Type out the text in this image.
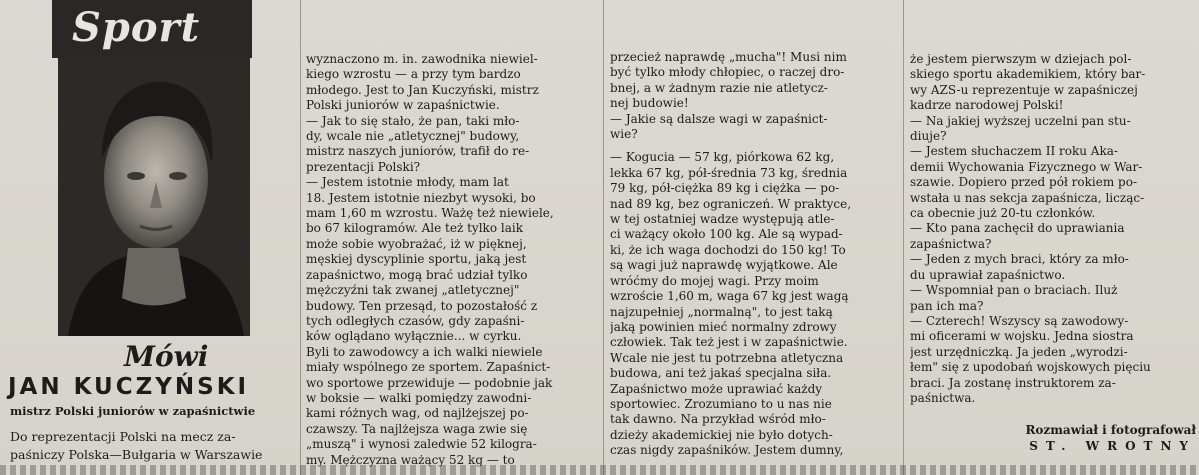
Sport
Mówi
JAN KUCZYŃSKI
mistrz Polski juniorów w zapaśnictwie
Do reprezentacji Polski na mecz za-
paśniczy Polska—Bułgaria w Warszawie
wyznaczono m. in. zawodnika niewiel-
kiego wzrostu — a przy tym bardzo
młodego. Jest to Jan Kuczyński, mistrz
Polski juniorów w zapaśnictwie.
— Jak to się stało, że pan, taki mło-
dy, wcale nie „atletycznej" budowy,
mistrz naszych juniorów, trafił do re-
prezentacji Polski?
— Jestem istotnie młody, mam lat
18. Jestem istotnie niezbyt wysoki, bo
mam 1,60 m wzrostu. Ważę też niewiele,
bo 67 kilogramów. Ale też tylko laik
może sobie wyobrażać, iż w pięknej,
męskiej dyscyplinie sportu, jaką jest
zapaśnictwo, mogą brać udział tylko
mężczyźni tak zwanej „atletycznej"
budowy. Ten przesąd, to pozostałość z
tych odległych czasów, gdy zapaśni-
ków oglądano wyłącznie... w cyrku.
Byli to zawodowcy a ich walki niewiele
miały wspólnego ze sportem. Zapaśnict-
wo sportowe przewiduje — podobnie jak
w boksie — walki pomiędzy zawodni-
kami różnych wag, od najlżejszej po-
czawszy. Ta najlżejsza waga zwie się
„muszą" i wynosi zaledwie 52 kilogra-
my. Mężczyzna ważący 52 kg — to
przecież naprawdę „mucha"! Musi nim
być tylko młody chłopiec, o raczej dro-
bnej, a w żadnym razie nie atletycz-
nej budowie!
— Jakie są dalsze wagi w zapaśnict-
wie?
— Kogucia — 57 kg, piórkowa 62 kg,
lekka 67 kg, pół-średnia 73 kg, średnia
79 kg, pół-ciężka 89 kg i ciężka — po-
nad 89 kg, bez ograniczeń. W praktyce,
w tej ostatniej wadze występują atle-
ci ważący około 100 kg. Ale są wypad-
ki, że ich waga dochodzi do 150 kg! To
są wagi już naprawdę wyjątkowe. Ale
wróćmy do mojej wagi. Przy moim
wzroście 1,60 m, waga 67 kg jest wagą
najzupełniej „normalną", to jest taką
jaką powinien mieć normalny zdrowy
człowiek. Tak też jest i w zapaśnictwie.
Wcale nie jest tu potrzebna atletyczna
budowa, ani też jakaś specjalna siła.
Zapaśnictwo może uprawiać każdy
sportowiec. Zrozumiano to u nas nie
tak dawno. Na przykład wśród mło-
dzieży akademickiej nie było dotych-
czas nigdy zapaśników. Jestem dumny,
że jestem pierwszym w dziejach pol-
skiego sportu akademikiem, który bar-
wy AZS-u reprezentuje w zapaśniczej
kadrze narodowej Polski!
— Na jakiej wyższej uczelni pan stu-
diuje?
— Jestem słuchaczem II roku Aka-
demii Wychowania Fizycznego w War-
szawie. Dopiero przed pół rokiem po-
wstała u nas sekcja zapaśnicza, licząc-
ca obecnie już 20-tu członków.
— Kto pana zachęcił do uprawiania
zapaśnictwa?
— Jeden z mych braci, który za mło-
du uprawiał zapaśnictwo.
— Wspomniał pan o braciach. Iluż
pan ich ma?
— Czterech! Wszyscy są zawodowy-
mi oficerami w wojsku. Jedna siostra
jest urzędniczką. Ja jeden „wyrodzi-
łem" się z upodobań wojskowych pięciu
braci. Ja zostanę instruktorem za-
paśnictwa.
Rozmawiał i fotografował
ST. WROTNY
